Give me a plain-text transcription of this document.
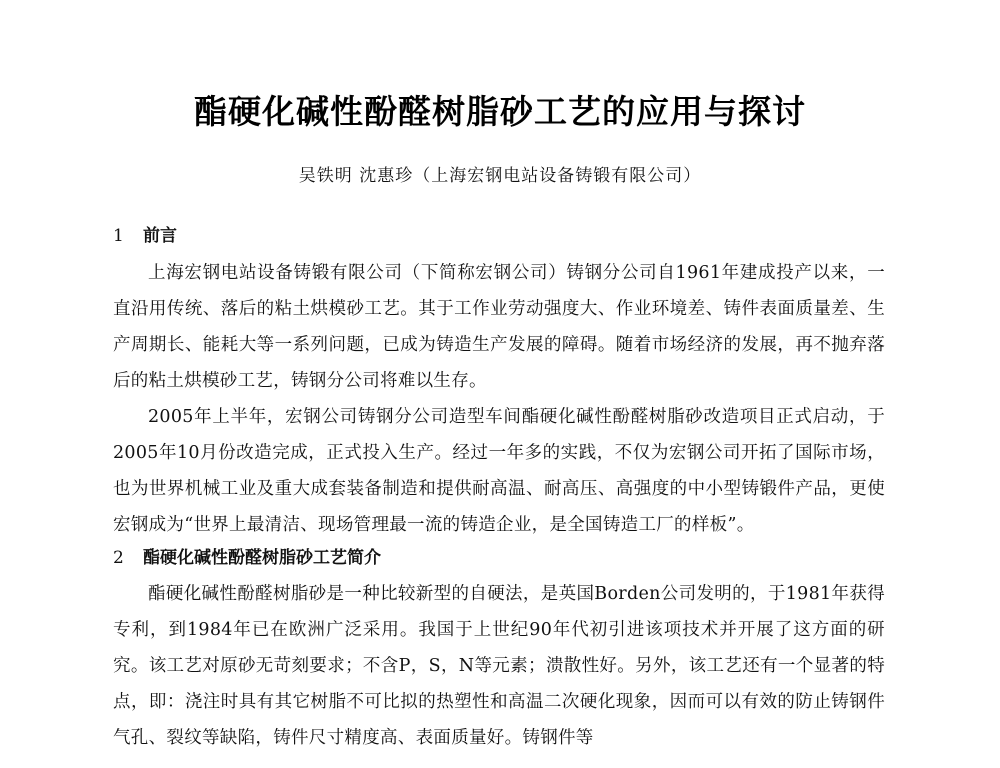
酯硬化碱性酚醛树脂砂工艺的应用与探讨
吴铁明 沈惠珍（上海宏钢电站设备铸锻有限公司）
1 前言

上海宏钢电站设备铸锻有限公司（下简称宏钢公司）铸钢分公司自1961年建成投产以来，一直沿用传统、落后的粘土烘模砂工艺。其于工作业劳动强度大、作业环境差、铸件表面质量差、生产周期长、能耗大等一系列问题，已成为铸造生产发展的障碍。随着市场经济的发展，再不抛弃落后的粘土烘模砂工艺，铸钢分公司将难以生存。

2005年上半年，宏钢公司铸钢分公司造型车间酯硬化碱性酚醛树脂砂改造项目正式启动，于2005年10月份改造完成，正式投入生产。经过一年多的实践，不仅为宏钢公司开拓了国际市场，也为世界机械工业及重大成套装备制造和提供耐高温、耐高压、高强度的中小型铸锻件产品，更使宏钢成为“世界上最清洁、现场管理最一流的铸造企业，是全国铸造工厂的样板”。

2 酯硬化碱性酚醛树脂砂工艺简介

酯硬化碱性酚醛树脂砂是一种比较新型的自硬法，是英国Borden公司发明的，于1981年获得专利，到1984年已在欧洲广泛采用。我国于上世纪90年代初引进该项技术并开展了这方面的研究。该工艺对原砂无苛刻要求；不含P，S，N等元素；溃散性好。另外，该工艺还有一个显著的特点，即：浇注时具有其它树脂不可比拟的热塑性和高温二次硬化现象，因而可以有效的防止铸钢件气孔、裂纹等缺陷，铸件尺寸精度高、表面质量好。铸钢件等
